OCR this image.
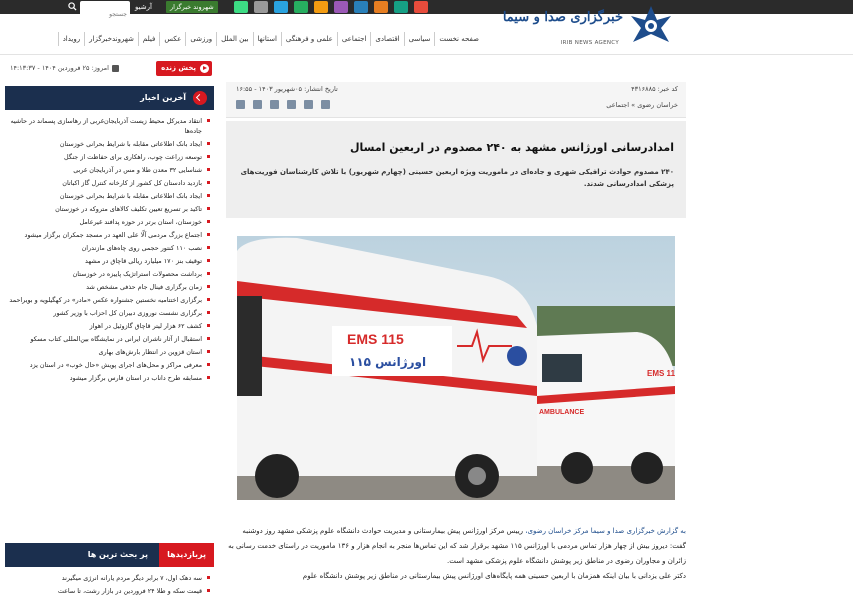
شهروند خبرگزار
آرشیو
جستجو
خبرگزاری صدا و سیما
IRIB NEWS AGENCY
صفحه نخست
سیاسی
اقتصادی
اجتماعی
علمی و فرهنگی
استانها
بین الملل
ورزشی
عکس
فیلم
شهروندخبرگزار
رویداد
پخش زنده
امروز: ۲۵ فروردین ۱۴۰۴ - ۱۴:۱۳:۳۷
آخرین اخبار
انتقاد مدیرکل محیط زیست آذربایجان‌غربی از رهاسازی پسماند در حاشیه جاده‌ها
ایجاد بانک اطلاعاتی مقابله با شرایط بحرانی خوزستان
توسعه زراعت چوب، راهکاری برای حفاظت از جنگل
شناسایی ۳۲ معدن طلا و مس در آذربایجان غربی
بازدید دادستان کل کشور از کارخانه کنترل گاز اکباتان
ایجاد بانک اطلاعاتی مقابله با شرایط بحرانی خوزستان
تاکید بر تسریع تعیین تکلیف کالاهای متروکه در خوزستان
خوزستان، استان برتر در حوزه پدافند غیرعامل
اجتماع بزرگ مردمی آلّا علی العهد در مسجد جمکران برگزار میشود
نصب ۱۱۰ کنتور حجمی روی چاه‌های مازندران
توقیف بنز ۱۷۰ میلیارد ریالی قاچاق در مشهد
برداشت محصولات استراتژیک پاییزه در خوزستان
زمان برگزاری فینال جام حذفی مشخص شد
برگزاری اختتامیه نخستین جشنواره عکس «مادر» در کهگیلویه و بویراحمد
برگزاری نشست نوروزی دبیران کل احزاب با وزیر کشور
کشف ۶۲ هزار لیتر قاچاق گازوئیل در اهواز
استقبال از آثار ناشران ایرانی در نمایشگاه بین‌المللی کتاب مسکو
استان قزوین در انتظار بارش‌های بهاری
معرفی مراکز و محل‌های اجرای پویش «حال خوب» در استان یزد
مسابقه طرح داناب در استان فارس برگزار میشود
پربازدیدها
پر بحث ترین ها
سه دهک اول، ۷ برابر دیگر مردم یارانه انرژی میگیرند
قیمت سکه و طلا ۲۴ فروردین در بازار رشت، تا ساعت
کد خبر: ۴۳۱۶۸۸۵
خراسان رضوی » اجتماعی
تاریخ انتشار: ۰۵شهریور ۱۴۰۳ - ۱۶:۵۵
امدادرسانی اورژانس مشهد به ۲۴۰ مصدوم در اربعین امسال

۲۴۰ مصدوم حوادث ترافیکی شهری و جاده‌ای در ماموریت ویژه اربعین حسینی (چهارم شهریور) با تلاش کارشناسان فوریت‌های پزشکی امدادرسانی شدند.

EMS 115
اورژانس ۱۱۵
EMS 11
AMBULANCE

به گزارش خبرگزاری صدا و سیما مرکز خراسان رضوی، رییس مرکز اورژانس پیش بیمارستانی و مدیریت حوادث دانشگاه علوم پزشکی مشهد روز دوشنبه گفت: دیروز بیش از چهار هزار تماس مردمی با اورژانس ۱۱۵ مشهد برقرار شد که این تماس‌ها منجر به انجام هزار و ۱۳۶ ماموریت در راستای خدمت رسانی به زائران و مجاوران رضوی در مناطق زیر پوشش دانشگاه علوم پزشکی مشهد است.

دکتر علی یزدانی با بیان اینکه همزمان با اربعین حسینی همه پایگاه‌های اورژانس پیش بیمارستانی در مناطق زیر پوشش دانشگاه علوم
